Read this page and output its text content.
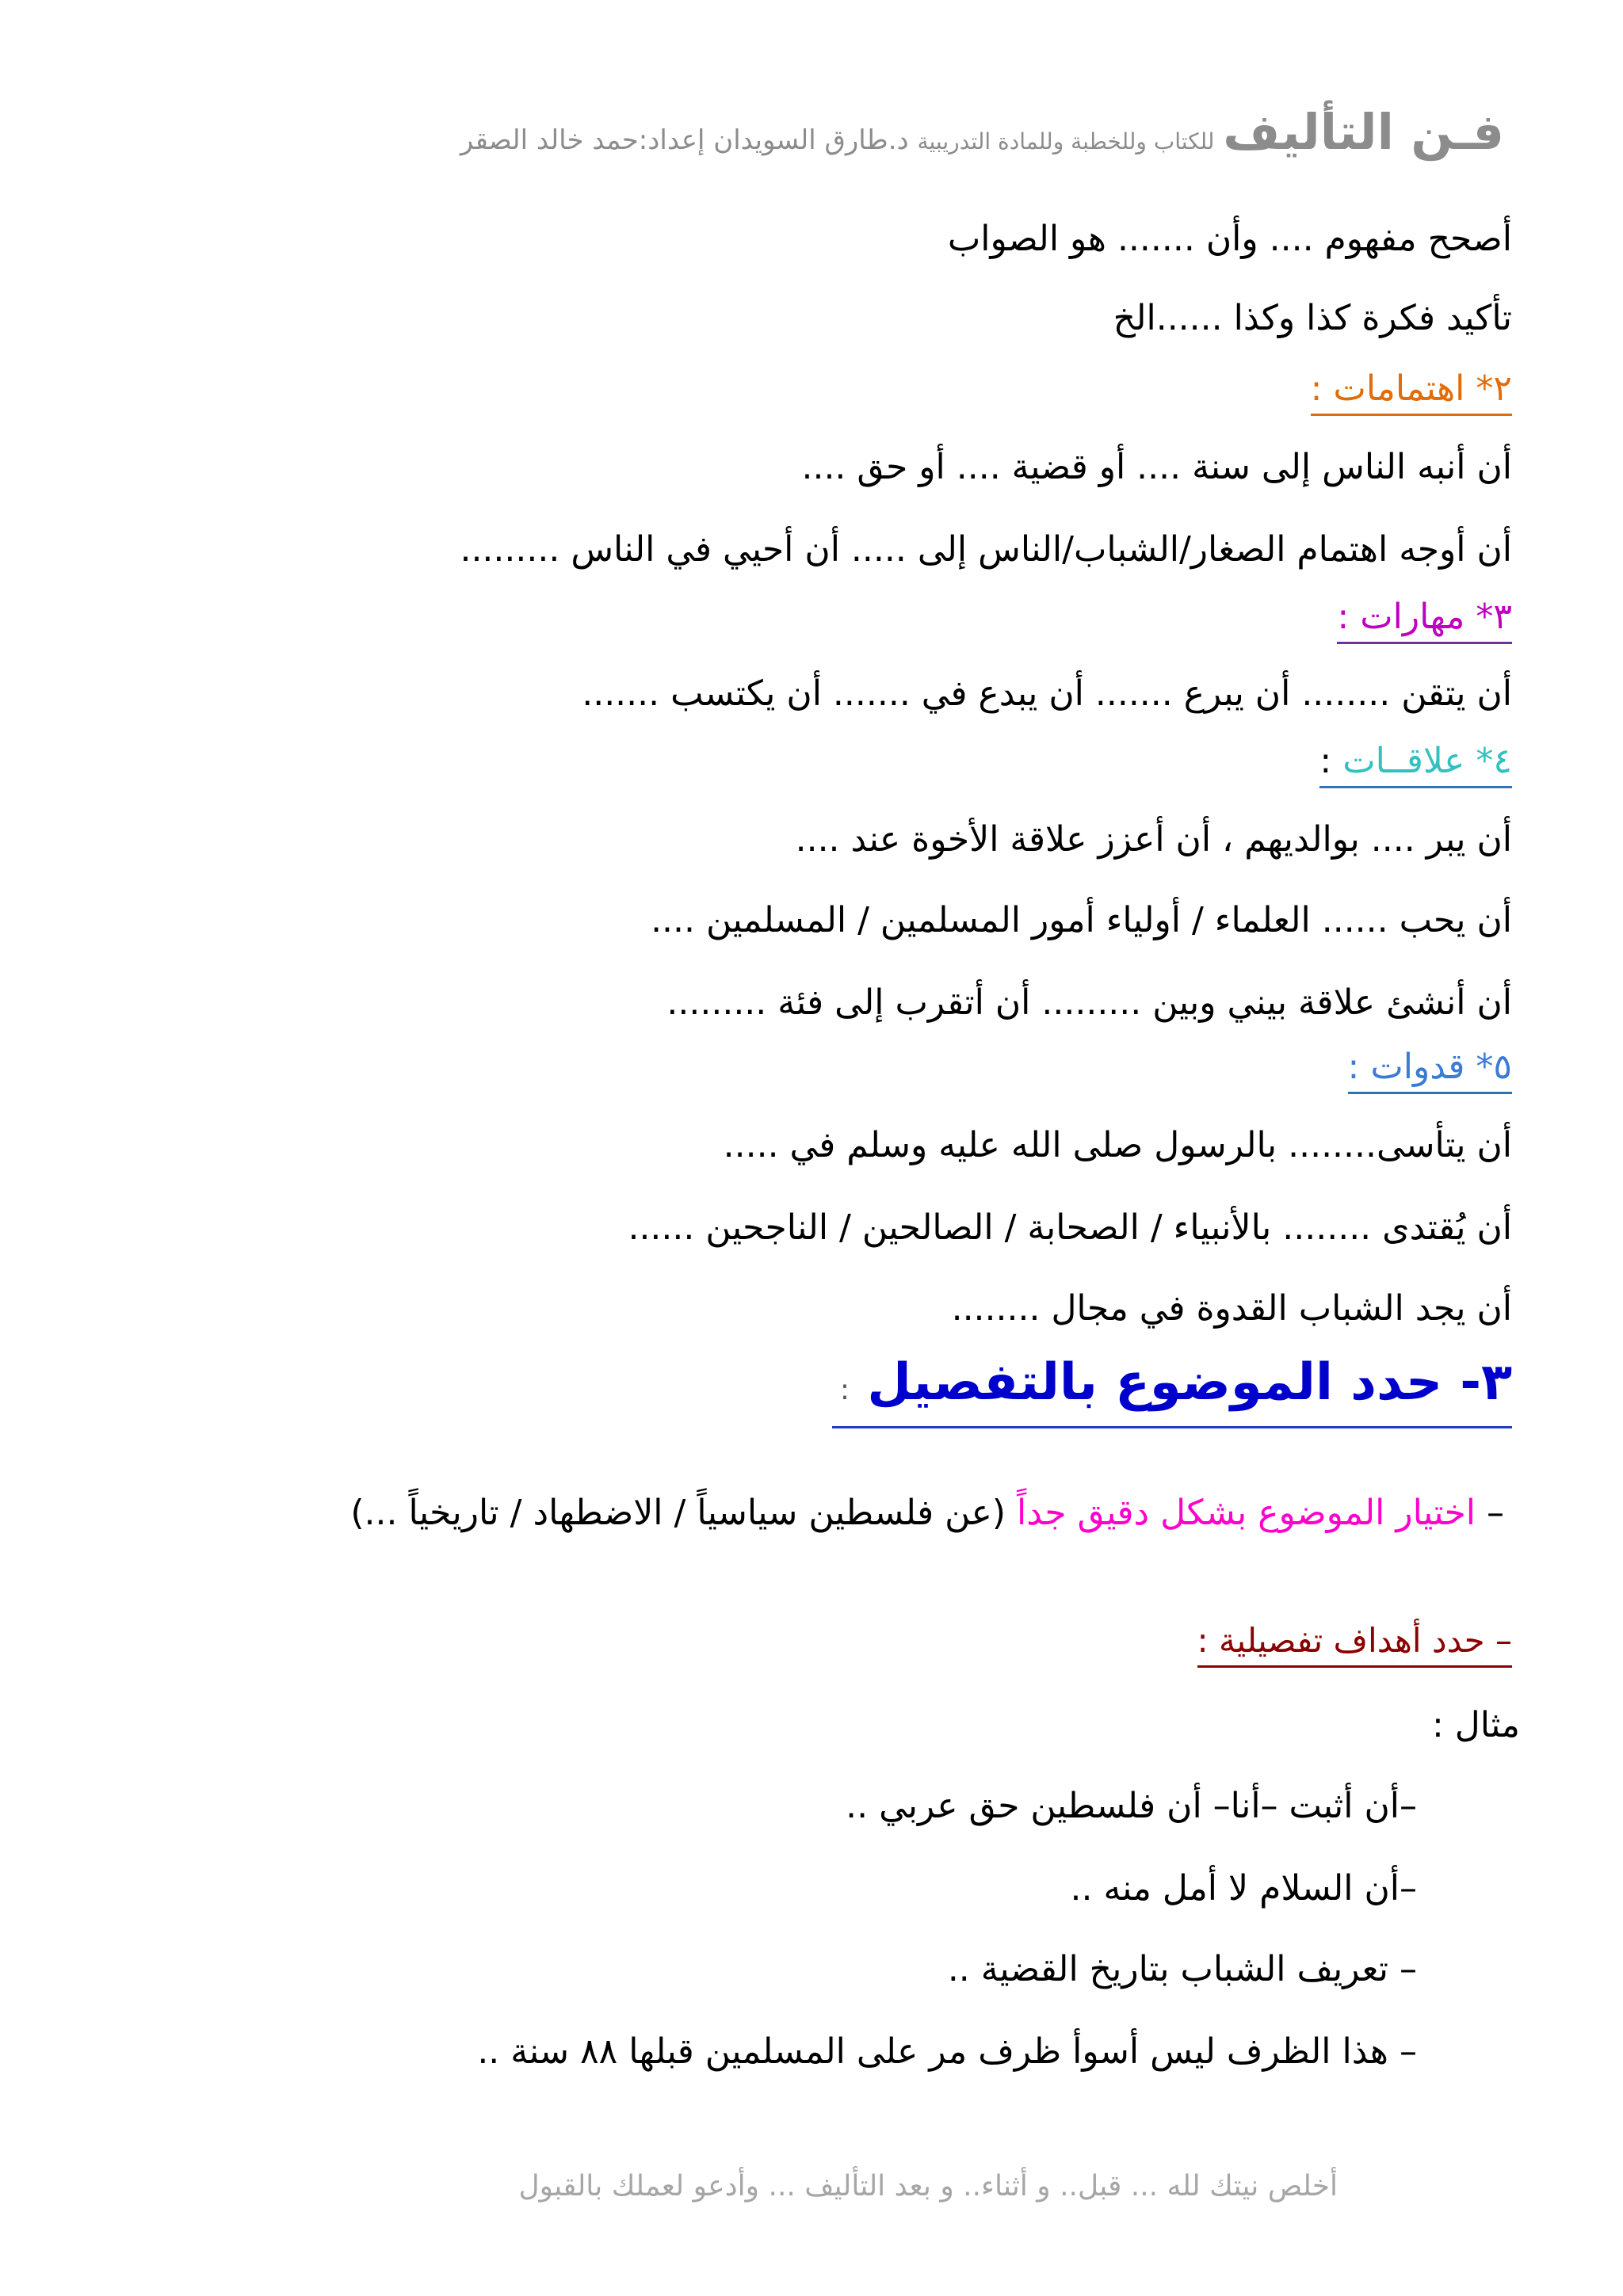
فـن التأليف للكتاب وللخطبة وللمادة التدريبية د.طارق السويدان إعداد:حمد خالد الصقر
أصحح مفهوم .... وأن ....... هو الصواب
تأكيد فكرة كذا وكذا ......الخ
٢* اهتمامات :
أن أنبه الناس إلى سنة .... أو قضية .... أو حق ....
أن أوجه اهتمام الصغار/الشباب/الناس إلى ..... أن أحيي في الناس .........
٣* مهارات :
أن يتقن ........ أن يبرع ....... أن يبدع في ....... أن يكتسب .......
٤* علاقــات :
أن يبر .... بوالديهم ، أن أعزز علاقة الأخوة عند ....
أن يحب ...... العلماء / أولياء أمور المسلمين / المسلمين ....
أن أنشئ علاقة بيني وبين ......... أن أتقرب إلى فئة .........
٥* قدوات :
أن يتأسى........ بالرسول صلى الله عليه وسلم في .....
أن يُقتدى ........ بالأنبياء / الصحابة / الصالحين / الناجحين ......
أن يجد الشباب القدوة في مجال ........
٣- حدد الموضوع بالتفصيل :
– اختيار الموضوع بشكل دقيق جداً (عن فلسطين سياسياً / الاضطهاد / تاريخياً ...)
– حدد أهداف تفصيلية :
مثال :
–أن أثبت –أنا– أن فلسطين حق عربي ..
–أن السلام لا أمل منه ..
– تعريف الشباب بتاريخ القضية ..
– هذا الظرف ليس أسوأ ظرف مر على المسلمين قبلها ٨٨ سنة ..
أخلص نيتك لله ... قبل.. و أثناء.. و بعد التأليف ... وأدعو لعملك بالقبول
